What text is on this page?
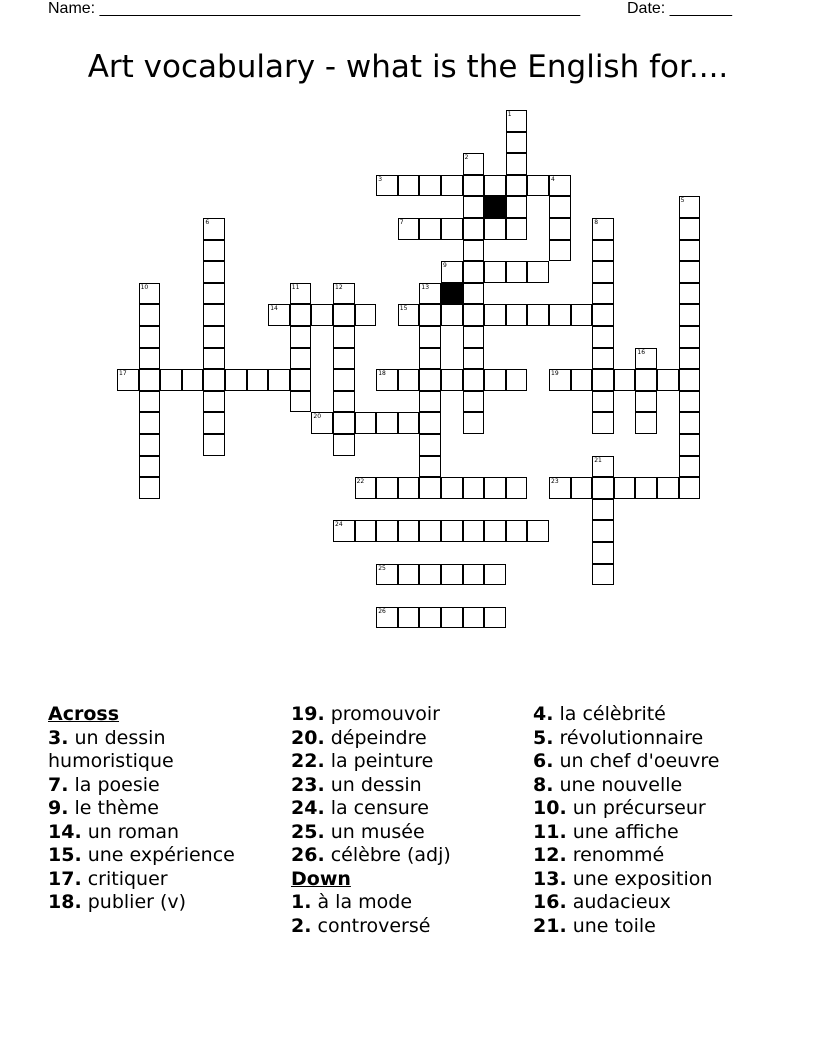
Name: ______________________________________________________	Date: _______
Art vocabulary - what is the English for....
1
2
3	4
5
6	7	8
9
10	11	12	13
14	15
16
17	18	19
20
21
22	23
24
25
26
Across
3. un dessin humoristique
7. la poesie
9. le thème
14. un roman
15. une expérience
17. critiquer
18. publier (v)
19. promouvoir
20. dépeindre
22. la peinture
23. un dessin
24. la censure
25. un musée
26. célèbre (adj)
Down
1. à la mode
2. controversé
4. la célèbrité
5. révolutionnaire
6. un chef d'oeuvre
8. une nouvelle
10. un précurseur
11. une affiche
12. renommé
13. une exposition
16. audacieux
21. une toile
